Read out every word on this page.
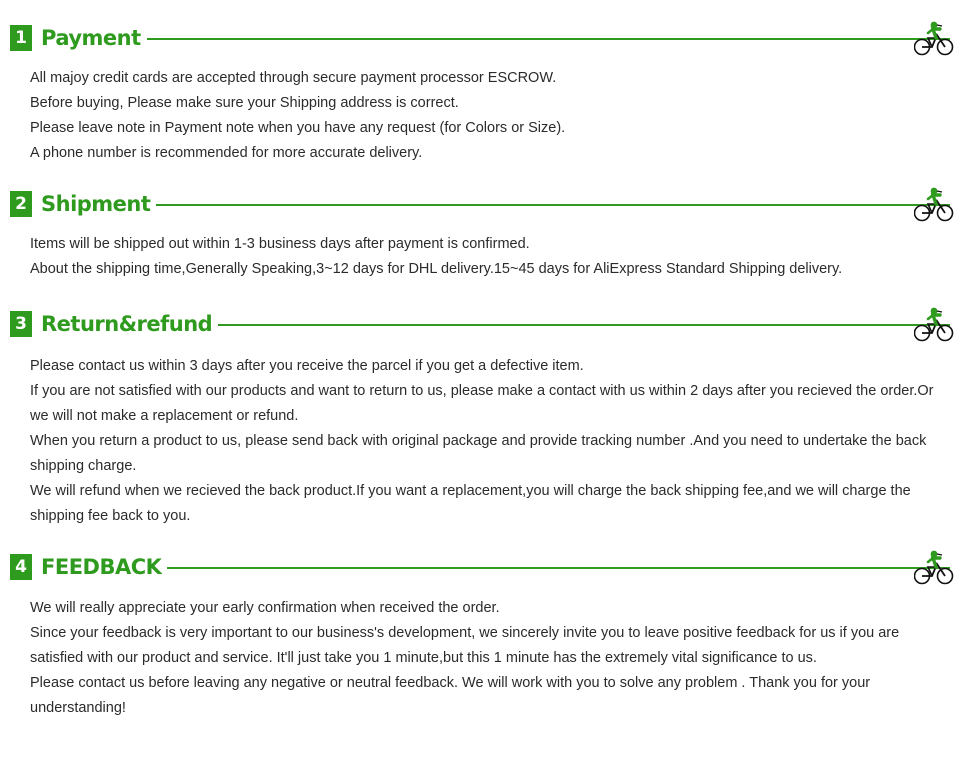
1 Payment
All majoy credit cards are accepted through secure payment processor ESCROW.
Before buying, Please make sure your Shipping address is correct.
Please leave note in Payment note when you have any request (for Colors or Size).
A phone number is recommended for more accurate delivery.
2 Shipment
Items will be shipped out within 1-3 business days after payment is confirmed.
About the shipping time,Generally Speaking,3~12 days for DHL delivery.15~45 days for AliExpress Standard Shipping delivery.
3 Return&refund
Please contact us within 3 days after you receive the parcel if you get a defective item.
If you are not satisfied with our products and want to return to us, please make a contact with us within 2 days after you recieved the order.Or we will not make a replacement or refund.
When you return a product to us, please send back with original package and provide tracking number .And you need to undertake the back shipping charge.
We will refund when we recieved the back product.If you want a replacement,you will charge the back shipping fee,and we will charge the shipping fee back to you.
4 FEEDBACK
We will really appreciate your early confirmation when received the order.
Since your feedback is very important to our business's development, we sincerely invite you to leave positive feedback for us if you are satisfied with our product and service. It'll just take you 1 minute,but this 1 minute has the extremely vital significance to us.
Please contact us before leaving any negative or neutral feedback. We will work with you to solve any problem . Thank you for your understanding!
